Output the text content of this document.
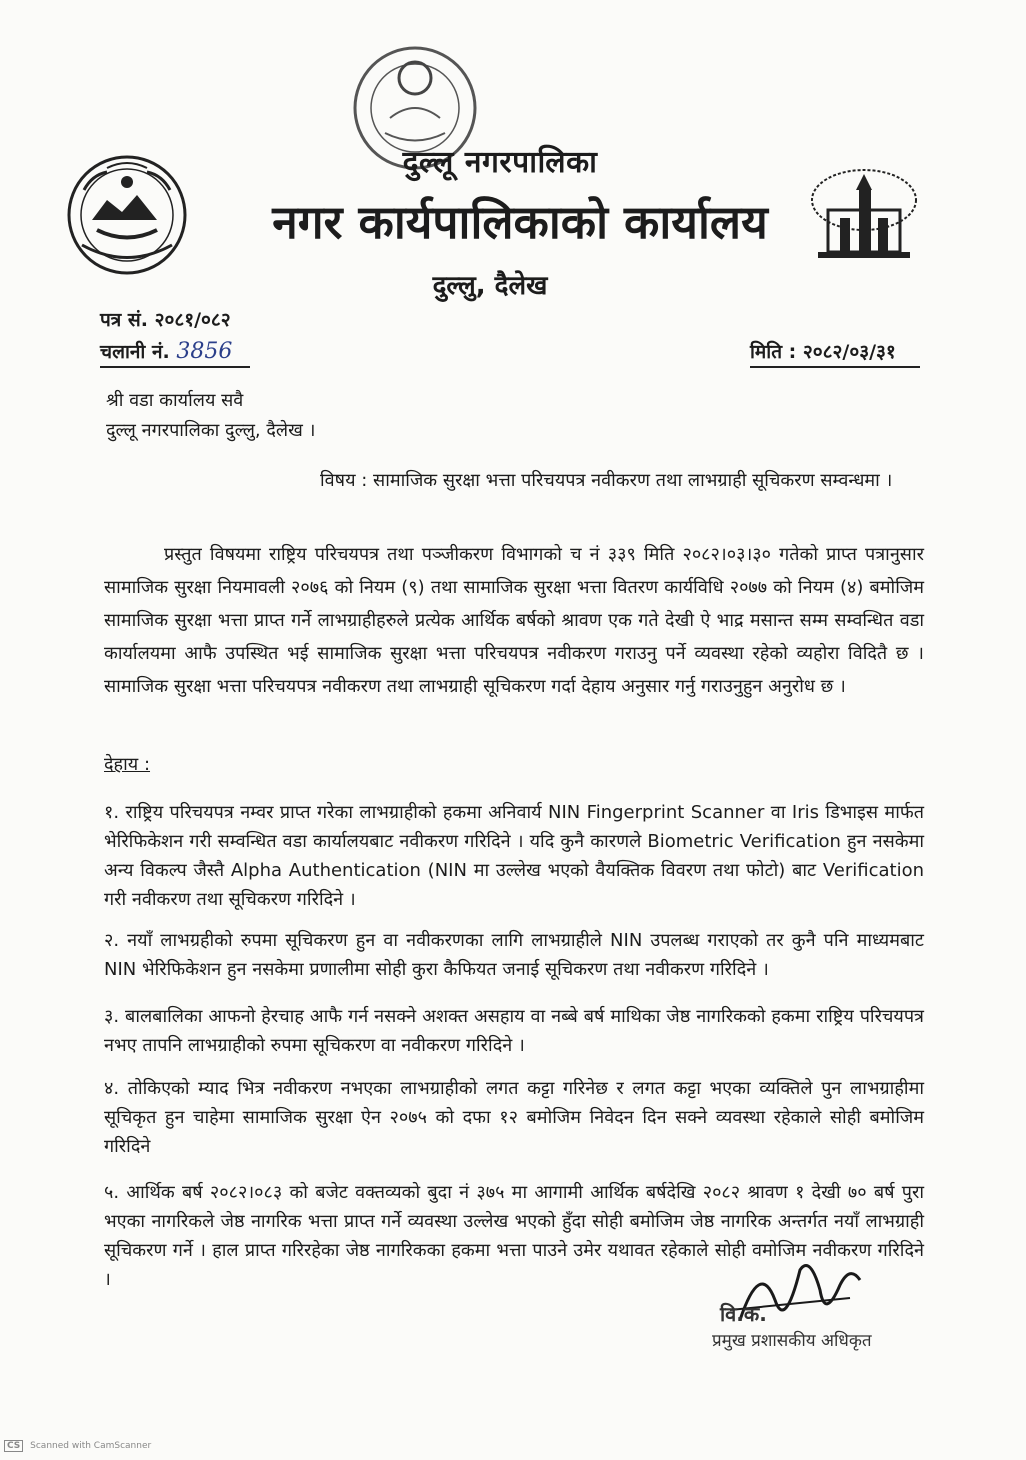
दुल्लू नगरपालिका
नगर कार्यपालिकाको कार्यालय
दुल्लु, दैलेख
पत्र सं. २०८१/०८२
चलानी नं. 3856	मिति : २०८२/०३/३१
श्री वडा कार्यालय सवै
दुल्लू नगरपालिका दुल्लु, दैलेख ।
विषय : सामाजिक सुरक्षा भत्ता परिचयपत्र नवीकरण तथा लाभग्राही सूचिकरण सम्वन्धमा ।
प्रस्तुत विषयमा राष्ट्रिय परिचयपत्र तथा पञ्जीकरण विभागको च नं ३३९ मिति २०८२।०३।३० गतेको प्राप्त पत्रानुसार सामाजिक सुरक्षा नियमावली २०७६ को नियम (९) तथा सामाजिक सुरक्षा भत्ता वितरण कार्यविधि २०७७ को नियम (४) बमोजिम सामाजिक सुरक्षा भत्ता प्राप्त गर्ने लाभग्राहीहरुले प्रत्येक आर्थिक बर्षको श्रावण एक गते देखी ऐ भाद्र मसान्त सम्म सम्वन्धित वडा कार्यालयमा आफै उपस्थित भई सामाजिक सुरक्षा भत्ता परिचयपत्र नवीकरण गराउनु पर्ने व्यवस्था रहेको व्यहोरा विदितै छ । सामाजिक सुरक्षा भत्ता परिचयपत्र नवीकरण तथा लाभग्राही सूचिकरण गर्दा देहाय अनुसार गर्नु गराउनुहुन अनुरोध छ ।
देहाय :
१. राष्ट्रिय परिचयपत्र नम्वर प्राप्त गरेका लाभग्राहीको हकमा अनिवार्य NIN Fingerprint Scanner वा Iris डिभाइस मार्फत भेरिफिकेशन गरी सम्वन्धित वडा कार्यालयबाट नवीकरण गरिदिने । यदि कुनै कारणले Biometric Verification हुन नसकेमा अन्य विकल्प जैस्तै Alpha Authentication (NIN मा उल्लेख भएको वैयक्तिक विवरण तथा फोटो) बाट Verification गरी नवीकरण तथा सूचिकरण गरिदिने ।
२. नयाँ लाभग्रहीको रुपमा सूचिकरण हुन वा नवीकरणका लागि लाभग्राहीले NIN उपलब्ध गराएको तर कुनै पनि माध्यमबाट NIN भेरिफिकेशन हुन नसकेमा प्रणालीमा सोही कुरा कैफियत जनाई सूचिकरण तथा नवीकरण गरिदिने ।
३. बालबालिका आफनो हेरचाह आफै गर्न नसक्ने अशक्त असहाय वा नब्बे बर्ष माथिका जेष्ठ नागरिकको हकमा राष्ट्रिय परिचयपत्र नभए तापनि लाभग्राहीको रुपमा सूचिकरण वा नवीकरण गरिदिने ।
४. तोकिएको म्याद भित्र नवीकरण नभएका लाभग्राहीको लगत कट्टा गरिनेछ र लगत कट्टा भएका व्यक्तिले पुन लाभग्राहीमा सूचिकृत हुन चाहेमा सामाजिक सुरक्षा ऐन २०७५ को दफा १२ बमोजिम निवेदन दिन सक्ने व्यवस्था रहेकाले सोही बमोजिम गरिदिने
५. आर्थिक बर्ष २०८२।०८३ को बजेट वक्तव्यको बुदा नं ३७५ मा आगामी आर्थिक बर्षदेखि २०८२ श्रावण १ देखी ७० बर्ष पुरा भएका नागरिकले जेष्ठ नागरिक भत्ता प्राप्त गर्ने व्यवस्था उल्लेख भएको हुँदा सोही बमोजिम जेष्ठ नागरिक अन्तर्गत नयाँ लाभग्राही सूचिकरण गर्ने । हाल प्राप्त गरिरहेका जेष्ठ नागरिकका हकमा भत्ता पाउने उमेर यथावत रहेकाले सोही वमोजिम नवीकरण गरिदिने ।
वि.क.
प्रमुख प्रशासकीय अधिकृत
CS Scanned with CamScanner
